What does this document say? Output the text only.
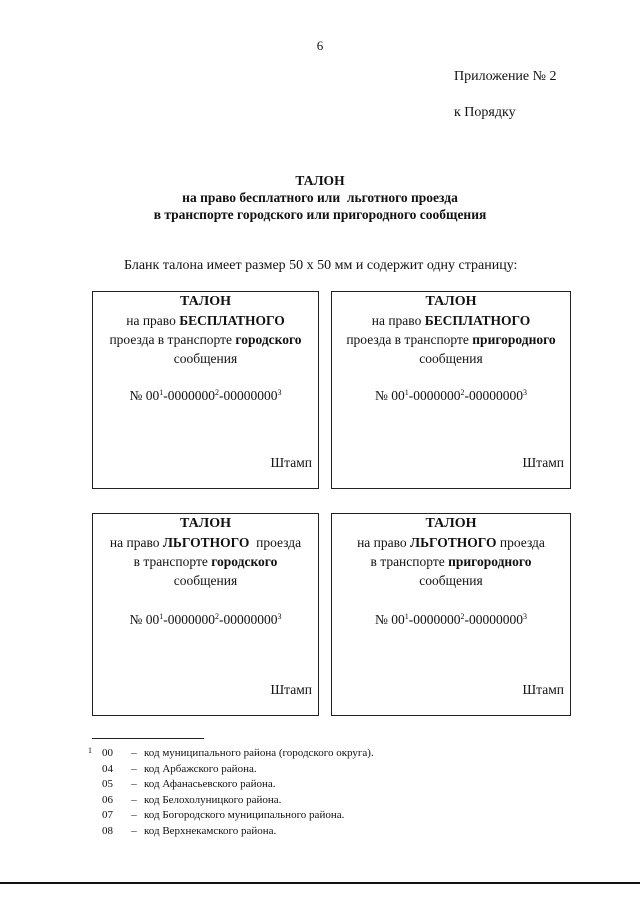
6
Приложение № 2
к Порядку
ТАЛОН
на право бесплатного или  льготного проезда
в транспорте городского или пригородного сообщения
Бланк талона имеет размер 50 х 50 мм и содержит одну страницу:
ТАЛОН
на право БЕСПЛАТНОГО
проезда в транспорте городского
сообщения
№ $00^1-0000000^2-00000000^3$
Штамп
ТАЛОН
на право БЕСПЛАТНОГО
проезда в транспорте пригородного
сообщения
№ $00^1-0000000^2-00000000^3$
Штамп
ТАЛОН
на право ЛЬГОТНОГО  проезда
в транспорте городского
сообщения
№ $00^1-0000000^2-00000000^3$
Штамп
ТАЛОН
на право ЛЬГОТНОГО проезда
в транспорте пригородного
сообщения
№ $00^1-0000000^2-00000000^3$
Штамп
1 00	– код муниципального района (городского округа).
04	– код Арбажского района.
05	– код Афанасьевского района.
06	– код Белохолуницкого района.
07	– код Богородского муниципального района.
08	– код Верхнекамского района.
